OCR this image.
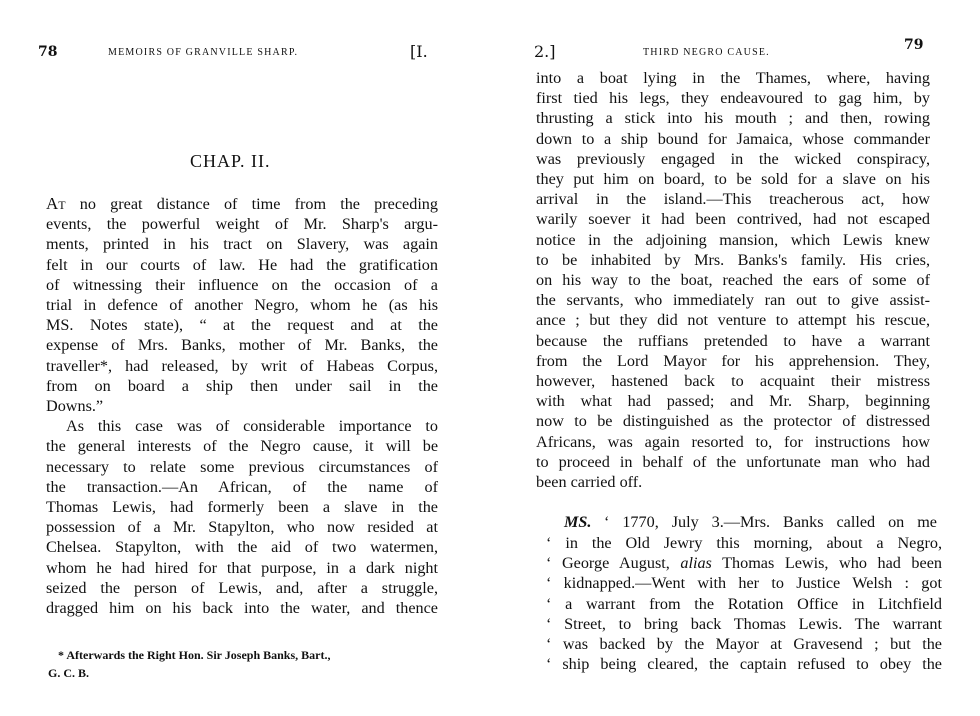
78	MEMOIRS OF GRANVILLE SHARP.	[I.
CHAP. II.
AT no great distance of time from the preceding
events, the powerful weight of Mr. Sharp's argu-
ments, printed in his tract on Slavery, was again
felt in our courts of law. He had the gratification
of witnessing their influence on the occasion of a
trial in defence of another Negro, whom he (as his
MS. Notes state), “ at the request and at the
expense of Mrs. Banks, mother of Mr. Banks, the
traveller*, had released, by writ of Habeas Corpus,
from on board a ship then under sail in the
Downs.”
As this case was of considerable importance to
the general interests of the Negro cause, it will be
necessary to relate some previous circumstances of
the transaction.—An African, of the name of
Thomas Lewis, had formerly been a slave in the
possession of a Mr. Stapylton, who now resided at
Chelsea. Stapylton, with the aid of two watermen,
whom he had hired for that purpose, in a dark night
seized the person of Lewis, and, after a struggle,
dragged him on his back into the water, and thence
* Afterwards the Right Hon. Sir Joseph Banks, Bart.,
G. C. B.
2.]	THIRD NEGRO CAUSE.	79
into a boat lying in the Thames, where, having
first tied his legs, they endeavoured to gag him, by
thrusting a stick into his mouth ; and then, rowing
down to a ship bound for Jamaica, whose commander
was previously engaged in the wicked conspiracy,
they put him on board, to be sold for a slave on his
arrival in the island.—This treacherous act, how
warily soever it had been contrived, had not escaped
notice in the adjoining mansion, which Lewis knew
to be inhabited by Mrs. Banks's family. His cries,
on his way to the boat, reached the ears of some of
the servants, who immediately ran out to give assist-
ance ; but they did not venture to attempt his rescue,
because the ruffians pretended to have a warrant
from the Lord Mayor for his apprehension. They,
however, hastened back to acquaint their mistress
with what had passed; and Mr. Sharp, beginning
now to be distinguished as the protector of distressed
Africans, was again resorted to, for instructions how
to proceed in behalf of the unfortunate man who had
been carried off.
MS. ‘ 1770, July 3.—Mrs. Banks called on me
‘ in the Old Jewry this morning, about a Negro,
‘ George August, alias Thomas Lewis, who had been
‘ kidnapped.—Went with her to Justice Welsh : got
‘ a warrant from the Rotation Office in Litchfield
‘ Street, to bring back Thomas Lewis. The warrant
‘ was backed by the Mayor at Gravesend ; but the
‘ ship being cleared, the captain refused to obey the
